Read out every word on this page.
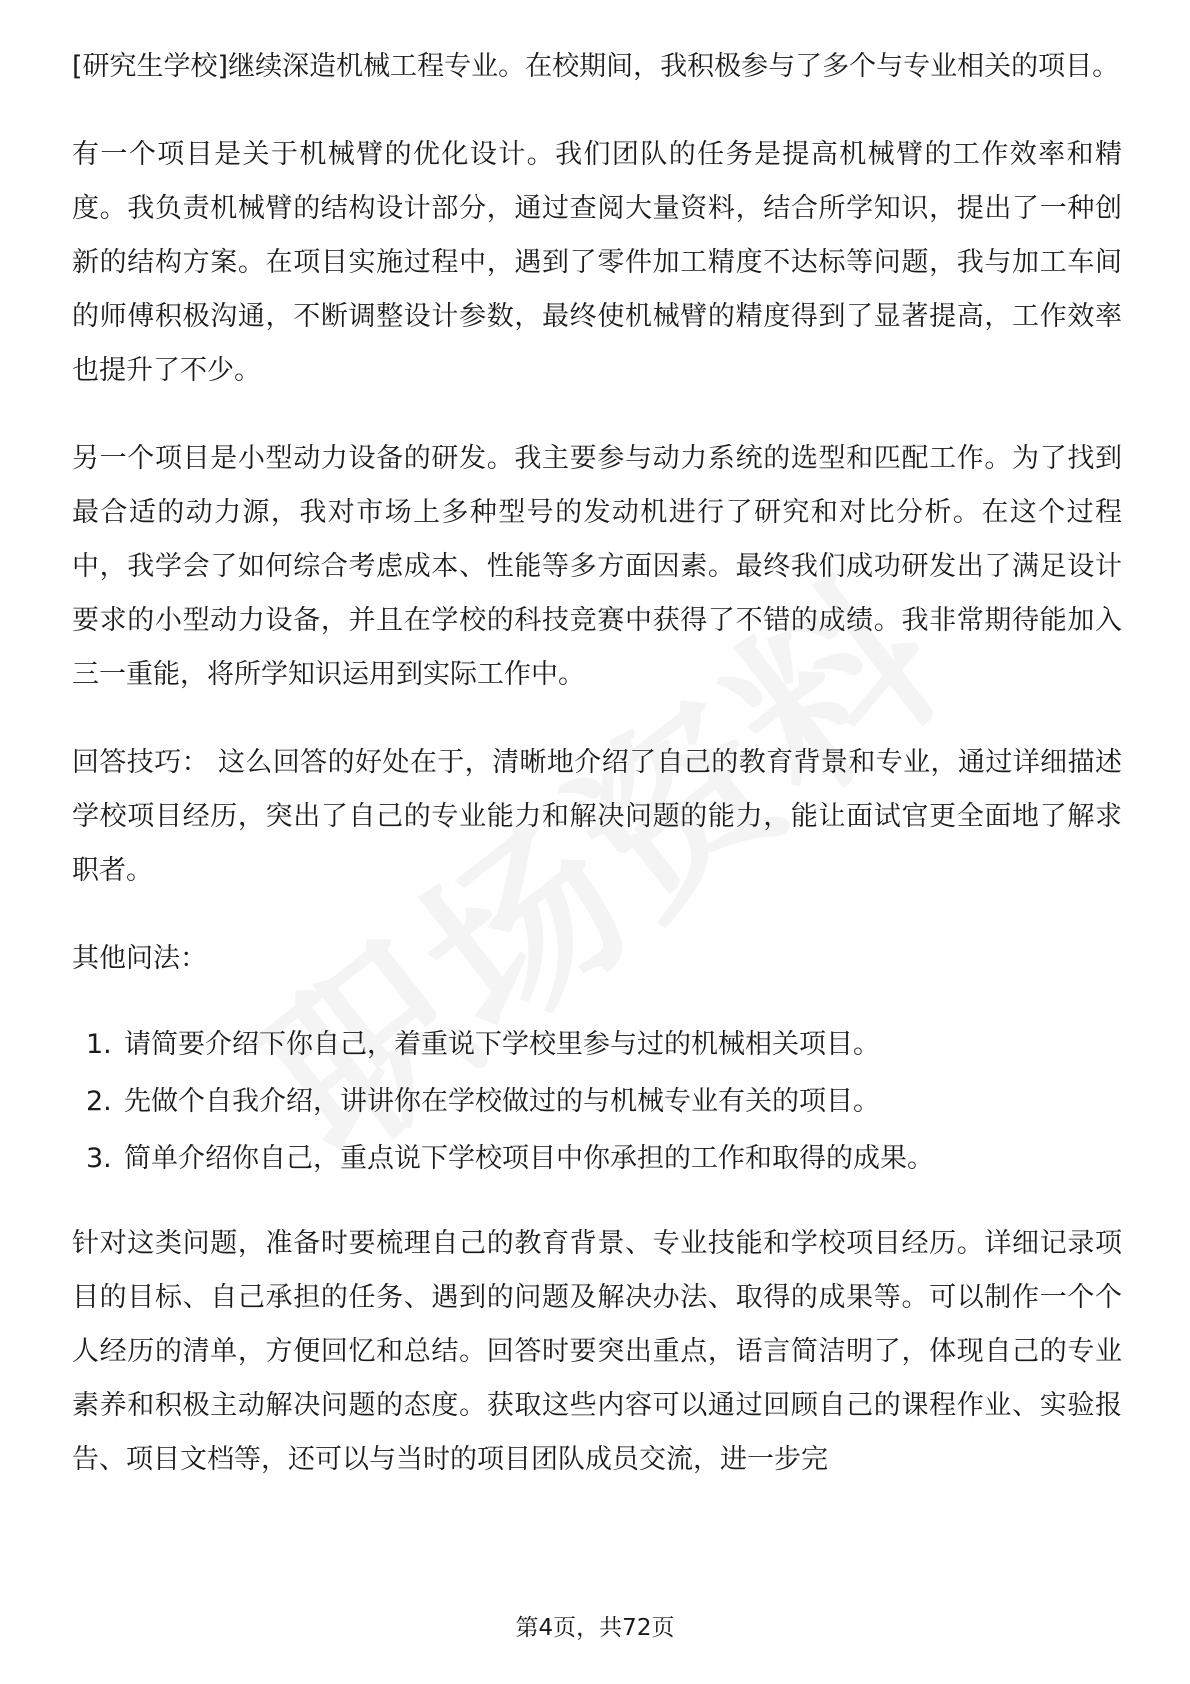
[研究生学校]继续深造机械工程专业。在校期间，我积极参与了多个与专业相关的项目。

有一个项目是关于机械臂的优化设计。我们团队的任务是提高机械臂的工作效率和精度。我负责机械臂的结构设计部分，通过查阅大量资料，结合所学知识，提出了一种创新的结构方案。在项目实施过程中，遇到了零件加工精度不达标等问题，我与加工车间的师傅积极沟通，不断调整设计参数，最终使机械臂的精度得到了显著提高，工作效率也提升了不少。

另一个项目是小型动力设备的研发。我主要参与动力系统的选型和匹配工作。为了找到最合适的动力源，我对市场上多种型号的发动机进行了研究和对比分析。在这个过程中，我学会了如何综合考虑成本、性能等多方面因素。最终我们成功研发出了满足设计要求的小型动力设备，并且在学校的科技竞赛中获得了不错的成绩。我非常期待能加入三一重能，将所学知识运用到实际工作中。

回答技巧： 这么回答的好处在于，清晰地介绍了自己的教育背景和专业，通过详细描述学校项目经历，突出了自己的专业能力和解决问题的能力，能让面试官更全面地了解求职者。

其他问法：

1. 请简要介绍下你自己，着重说下学校里参与过的机械相关项目。
2. 先做个自我介绍，讲讲你在学校做过的与机械专业有关的项目。
3. 简单介绍你自己，重点说下学校项目中你承担的工作和取得的成果。

针对这类问题，准备时要梳理自己的教育背景、专业技能和学校项目经历。详细记录项目的目标、自己承担的任务、遇到的问题及解决办法、取得的成果等。可以制作一个个人经历的清单，方便回忆和总结。回答时要突出重点，语言简洁明了，体现自己的专业素养和积极主动解决问题的态度。获取这些内容可以通过回顾自己的课程作业、实验报告、项目文档等，还可以与当时的项目团队成员交流，进一步完

第4页，共72页
